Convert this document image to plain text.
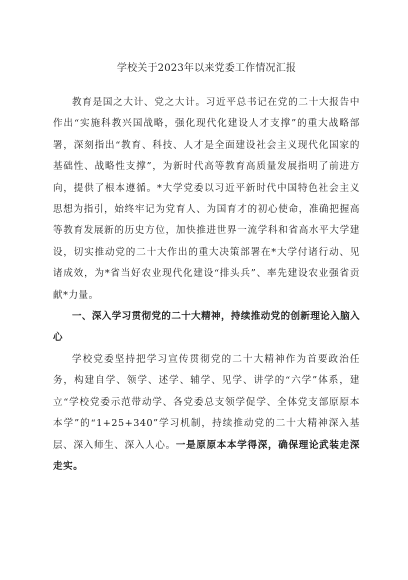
学校关于2023年以来党委工作情况汇报

教育是国之大计、党之大计。习近平总书记在党的二十大报告中作出“实施科教兴国战略，强化现代化建设人才支撑”的重大战略部署，深刻指出“教育、科技、人才是全面建设社会主义现代化国家的基础性、战略性支撑”，为新时代高等教育高质量发展指明了前进方向，提供了根本遵循。*大学党委以习近平新时代中国特色社会主义思想为指引，始终牢记为党育人、为国育才的初心使命，准确把握高等教育发展新的历史方位，加快推进世界一流学科和省高水平大学建设，切实推动党的二十大作出的重大决策部署在*大学付诸行动、见诸成效，为*省当好农业现代化建设“排头兵”、率先建设农业强省贡献*力量。

一、深入学习贯彻党的二十大精神，持续推动党的创新理论入脑入心

学校党委坚持把学习宣传贯彻党的二十大精神作为首要政治任务，构建自学、领学、述学、辅学、见学、讲学的“六学”体系，建立“学校党委示范带动学、各党委总支领学促学、全体党支部原原本本学”的“1+25+340”学习机制，持续推动党的二十大精神深入基层、深入师生、深入人心。一是原原本本学得深，确保理论武装走深走实。
